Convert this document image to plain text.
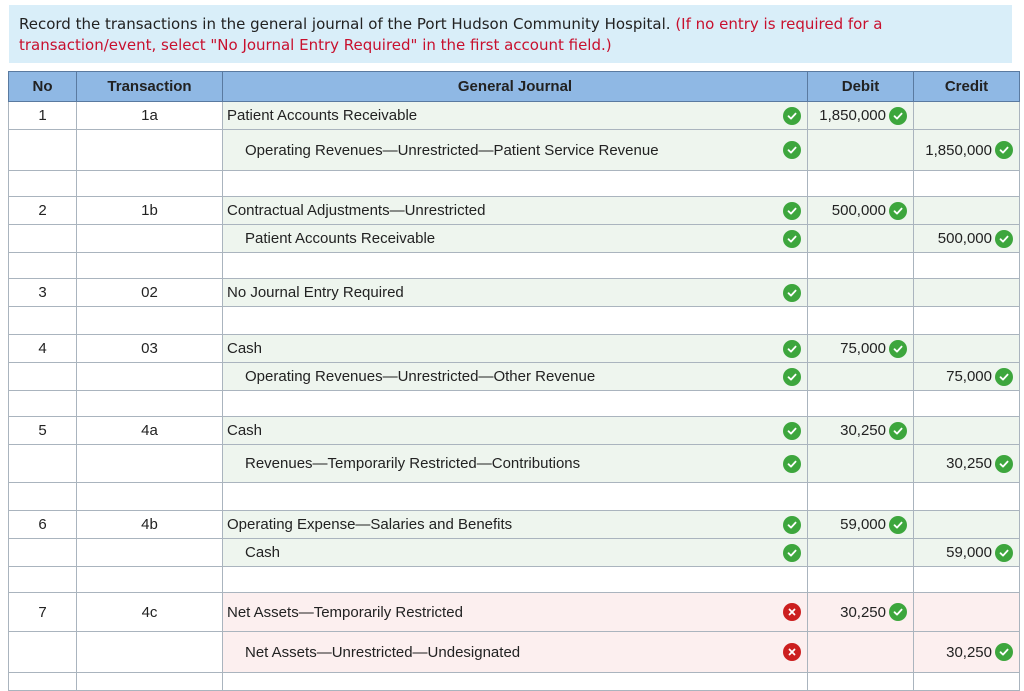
Record the transactions in the general journal of the Port Hudson Community Hospital. (If no entry is required for a transaction/event, select "No Journal Entry Required" in the first account field.)
No	Transaction	General Journal	Debit	Credit

1	1a	Patient Accounts Receivable	1,850,000	

		Operating Revenues—Unrestricted—Patient Service Revenue		1,850,000

2	1b	Contractual Adjustments—Unrestricted	500,000	

		Patient Accounts Receivable		500,000

3	02	No Journal Entry Required

4	03	Cash	75,000	

		Operating Revenues—Unrestricted—Other Revenue		75,000

5	4a	Cash	30,250	

		Revenues—Temporarily Restricted—Contributions		30,250

6	4b	Operating Expense—Salaries and Benefits	59,000	

		Cash		59,000

7	4c	Net Assets—Temporarily Restricted	30,250	

		Net Assets—Unrestricted—Undesignated		30,250
